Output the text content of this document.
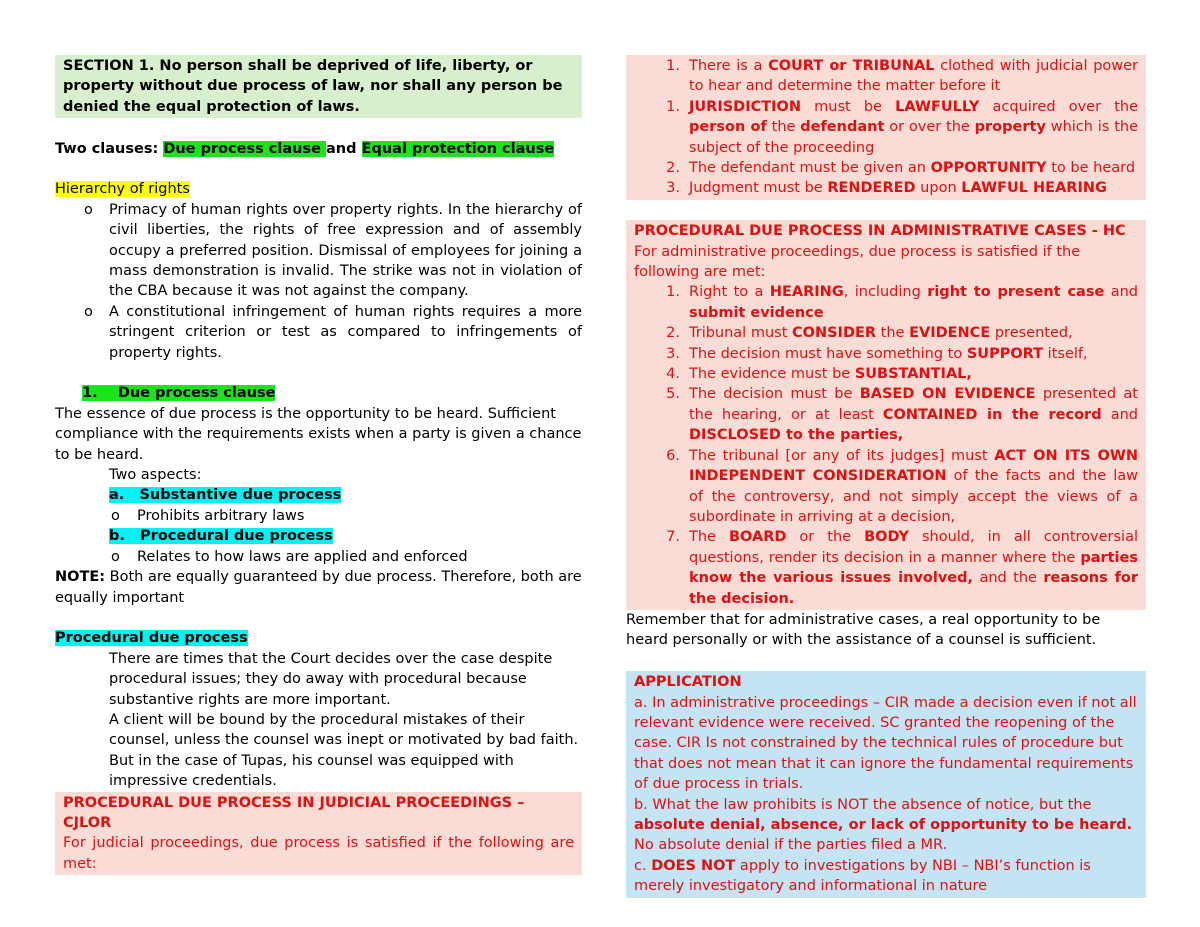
SECTION 1. No person shall be deprived of life, liberty, or property without due process of law, nor shall any person be denied the equal protection of laws.

Two clauses: Due process clause and Equal protection clause

Hierarchy of rights

o Primacy of human rights over property rights. In the hierarchy of civil liberties, the rights of free expression and of assembly occupy a preferred position. Dismissal of employees for joining a mass demonstration is invalid. The strike was not in violation of the CBA because it was not against the company.
o A constitutional infringement of human rights requires a more stringent criterion or test as compared to infringements of property rights.

1. Due process clause

The essence of due process is the opportunity to be heard. Sufficient compliance with the requirements exists when a party is given a chance to be heard.

Two aspects:

a. Substantive due process

o Prohibits arbitrary laws

b. Procedural due process

o Relates to how laws are applied and enforced

NOTE: Both are equally guaranteed by due process. Therefore, both are equally important

Procedural due process

There are times that the Court decides over the case despite procedural issues; they do away with procedural because substantive rights are more important.

A client will be bound by the procedural mistakes of their counsel, unless the counsel was inept or motivated by bad faith. But in the case of Tupas, his counsel was equipped with impressive credentials.

PROCEDURAL DUE PROCESS IN JUDICIAL PROCEEDINGS – CJLOR

For judicial proceedings, due process is satisfied if the following are met:

1. There is a COURT or TRIBUNAL clothed with judicial power to hear and determine the matter before it
1. JURISDICTION must be LAWFULLY acquired over the person of the defendant or over the property which is the subject of the proceeding
2. The defendant must be given an OPPORTUNITY to be heard
3. Judgment must be RENDERED upon LAWFUL HEARING

PROCEDURAL DUE PROCESS IN ADMINISTRATIVE CASES - HC

For administrative proceedings, due process is satisfied if the following are met:

1. Right to a HEARING, including right to present case and submit evidence
2. Tribunal must CONSIDER the EVIDENCE presented,
3. The decision must have something to SUPPORT itself,
4. The evidence must be SUBSTANTIAL,
5. The decision must be BASED ON EVIDENCE presented at the hearing, or at least CONTAINED in the record and DISCLOSED to the parties,
6. The tribunal [or any of its judges] must ACT ON ITS OWN INDEPENDENT CONSIDERATION of the facts and the law of the controversy, and not simply accept the views of a subordinate in arriving at a decision,
7. The BOARD or the BODY should, in all controversial questions, render its decision in a manner where the parties know the various issues involved, and the reasons for the decision.

Remember that for administrative cases, a real opportunity to be heard personally or with the assistance of a counsel is sufficient.

APPLICATION

a. In administrative proceedings – CIR made a decision even if not all relevant evidence were received. SC granted the reopening of the case. CIR Is not constrained by the technical rules of procedure but that does not mean that it can ignore the fundamental requirements of due process in trials.

b. What the law prohibits is NOT the absence of notice, but the absolute denial, absence, or lack of opportunity to be heard. No absolute denial if the parties filed a MR.

c. DOES NOT apply to investigations by NBI – NBI’s function is merely investigatory and informational in nature
